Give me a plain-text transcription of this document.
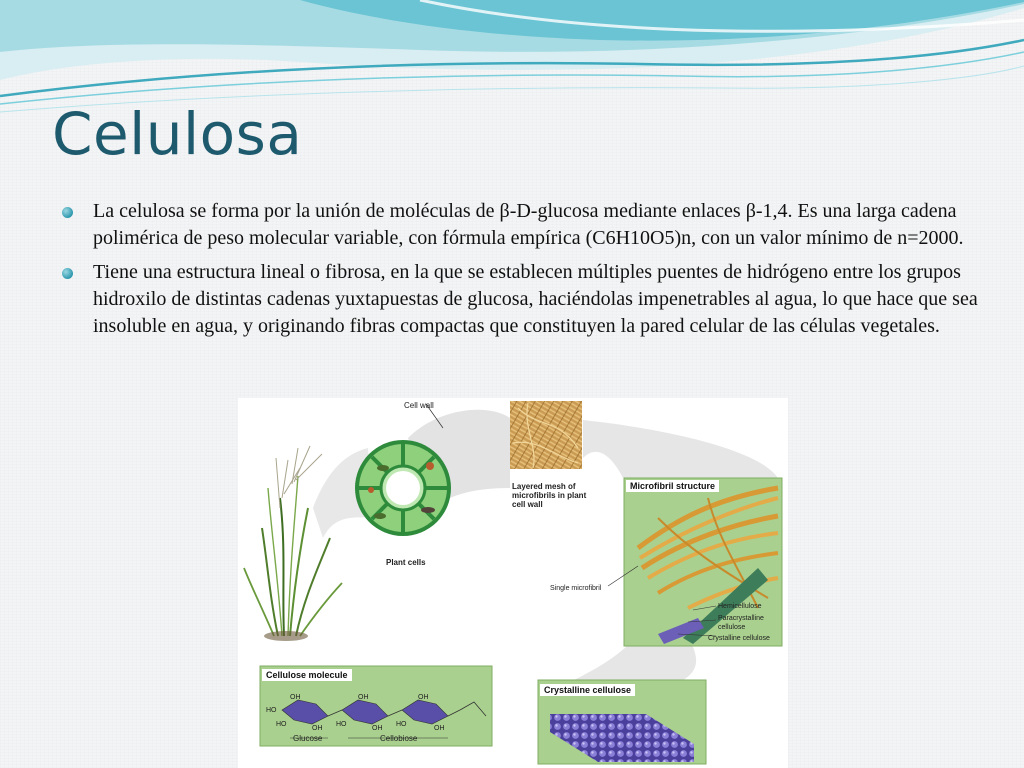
Celulosa
La celulosa se forma por la unión de moléculas de β-D-glucosa mediante enlaces β-1,4. Es una larga cadena polimérica de peso molecular variable, con fórmula empírica (C6H10O5)n, con un valor mínimo de n=2000.
Tiene una estructura lineal o fibrosa, en la que se establecen múltiples puentes de hidrógeno entre los grupos hidroxilo de distintas cadenas yuxtapuestas de glucosa, haciéndolas impenetrables al agua, lo que hace que sea insoluble en agua, y originando fibras compactas que constituyen la pared celular de las células vegetales.
Cell wall
Plant cells
Layered mesh of microfibrils in plant cell wall
Microfibril structure
Single microfibril
Hemicellulose
Paracrystalline cellulose
Crystalline cellulose
Cellulose molecule
OH	OH	OH
HO
HO	HO	HO
OH	OH	OH
Glucose	Cellobiose
Crystalline cellulose
